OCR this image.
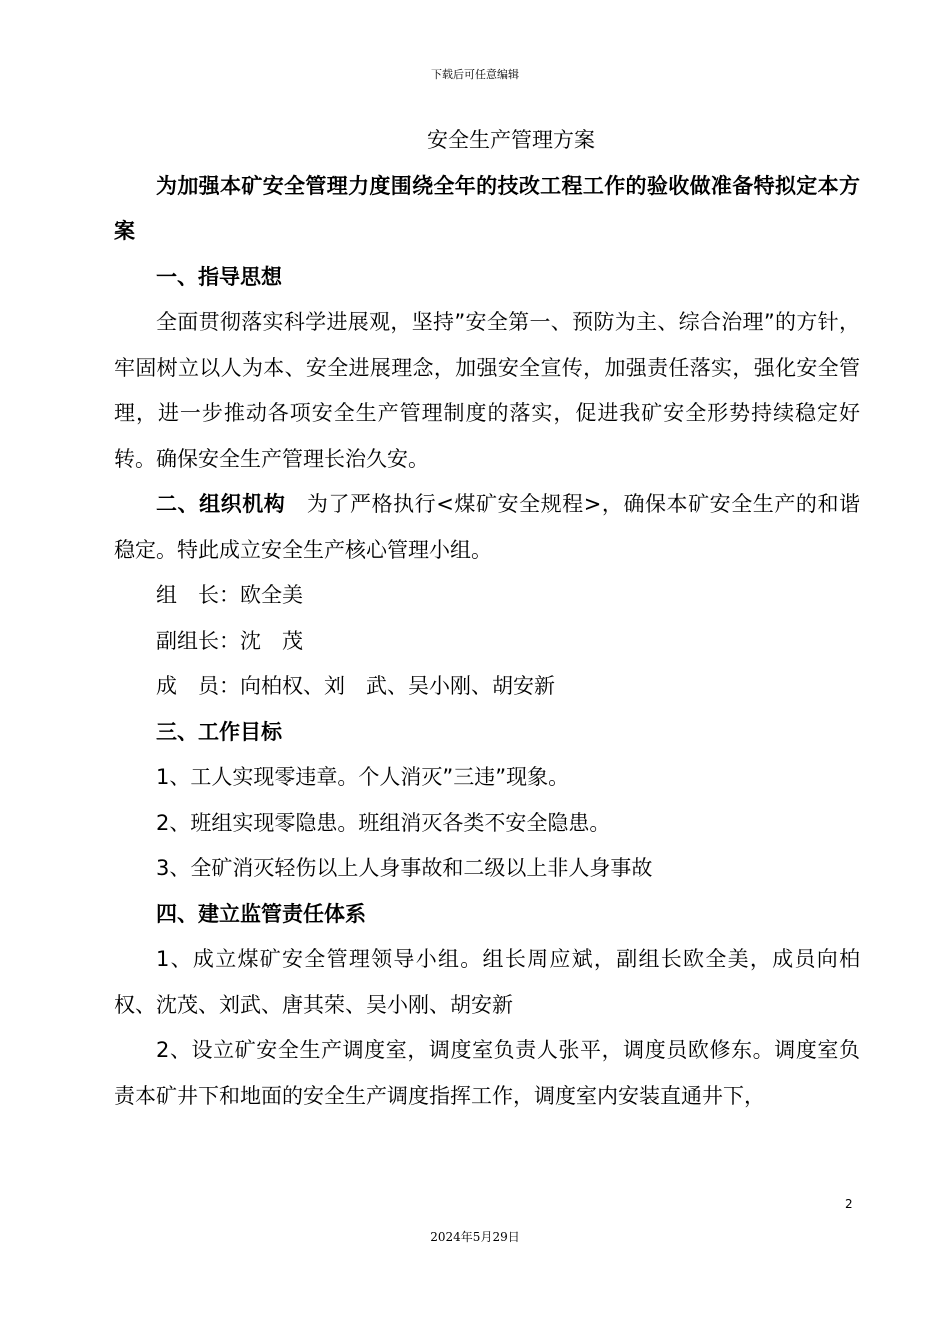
下载后可任意编辑

安全生产管理方案

为加强本矿安全管理力度围绕全年的技改工程工作的验收做准备特拟定本方案

一、指导思想

全面贯彻落实科学进展观，坚持”安全第一、预防为主、综合治理”的方针，牢固树立以人为本、安全进展理念，加强安全宣传，加强责任落实，强化安全管理，进一步推动各项安全生产管理制度的落实，促进我矿安全形势持续稳定好转。确保安全生产管理长治久安。

二、组织机构　 为了严格执行<煤矿安全规程>，确保本矿安全生产的和谐稳定。特此成立安全生产核心管理小组。

组　长：欧全美

副组长：沈　茂

成　员：向柏权、刘　武、吴小刚、胡安新

三、工作目标

1、工人实现零违章。个人消灭”三违”现象。

2、班组实现零隐患。班组消灭各类不安全隐患。

3、全矿消灭轻伤以上人身事故和二级以上非人身事故

四、建立监管责任体系

1、成立煤矿安全管理领导小组。组长周应斌，副组长欧全美，成员向柏权、沈茂、刘武、唐其荣、吴小刚、胡安新

2、设立矿安全生产调度室，调度室负责人张平，调度员欧修东。调度室负责本矿井下和地面的安全生产调度指挥工作，调度室内安装直通井下，

2
2024年5月29日
